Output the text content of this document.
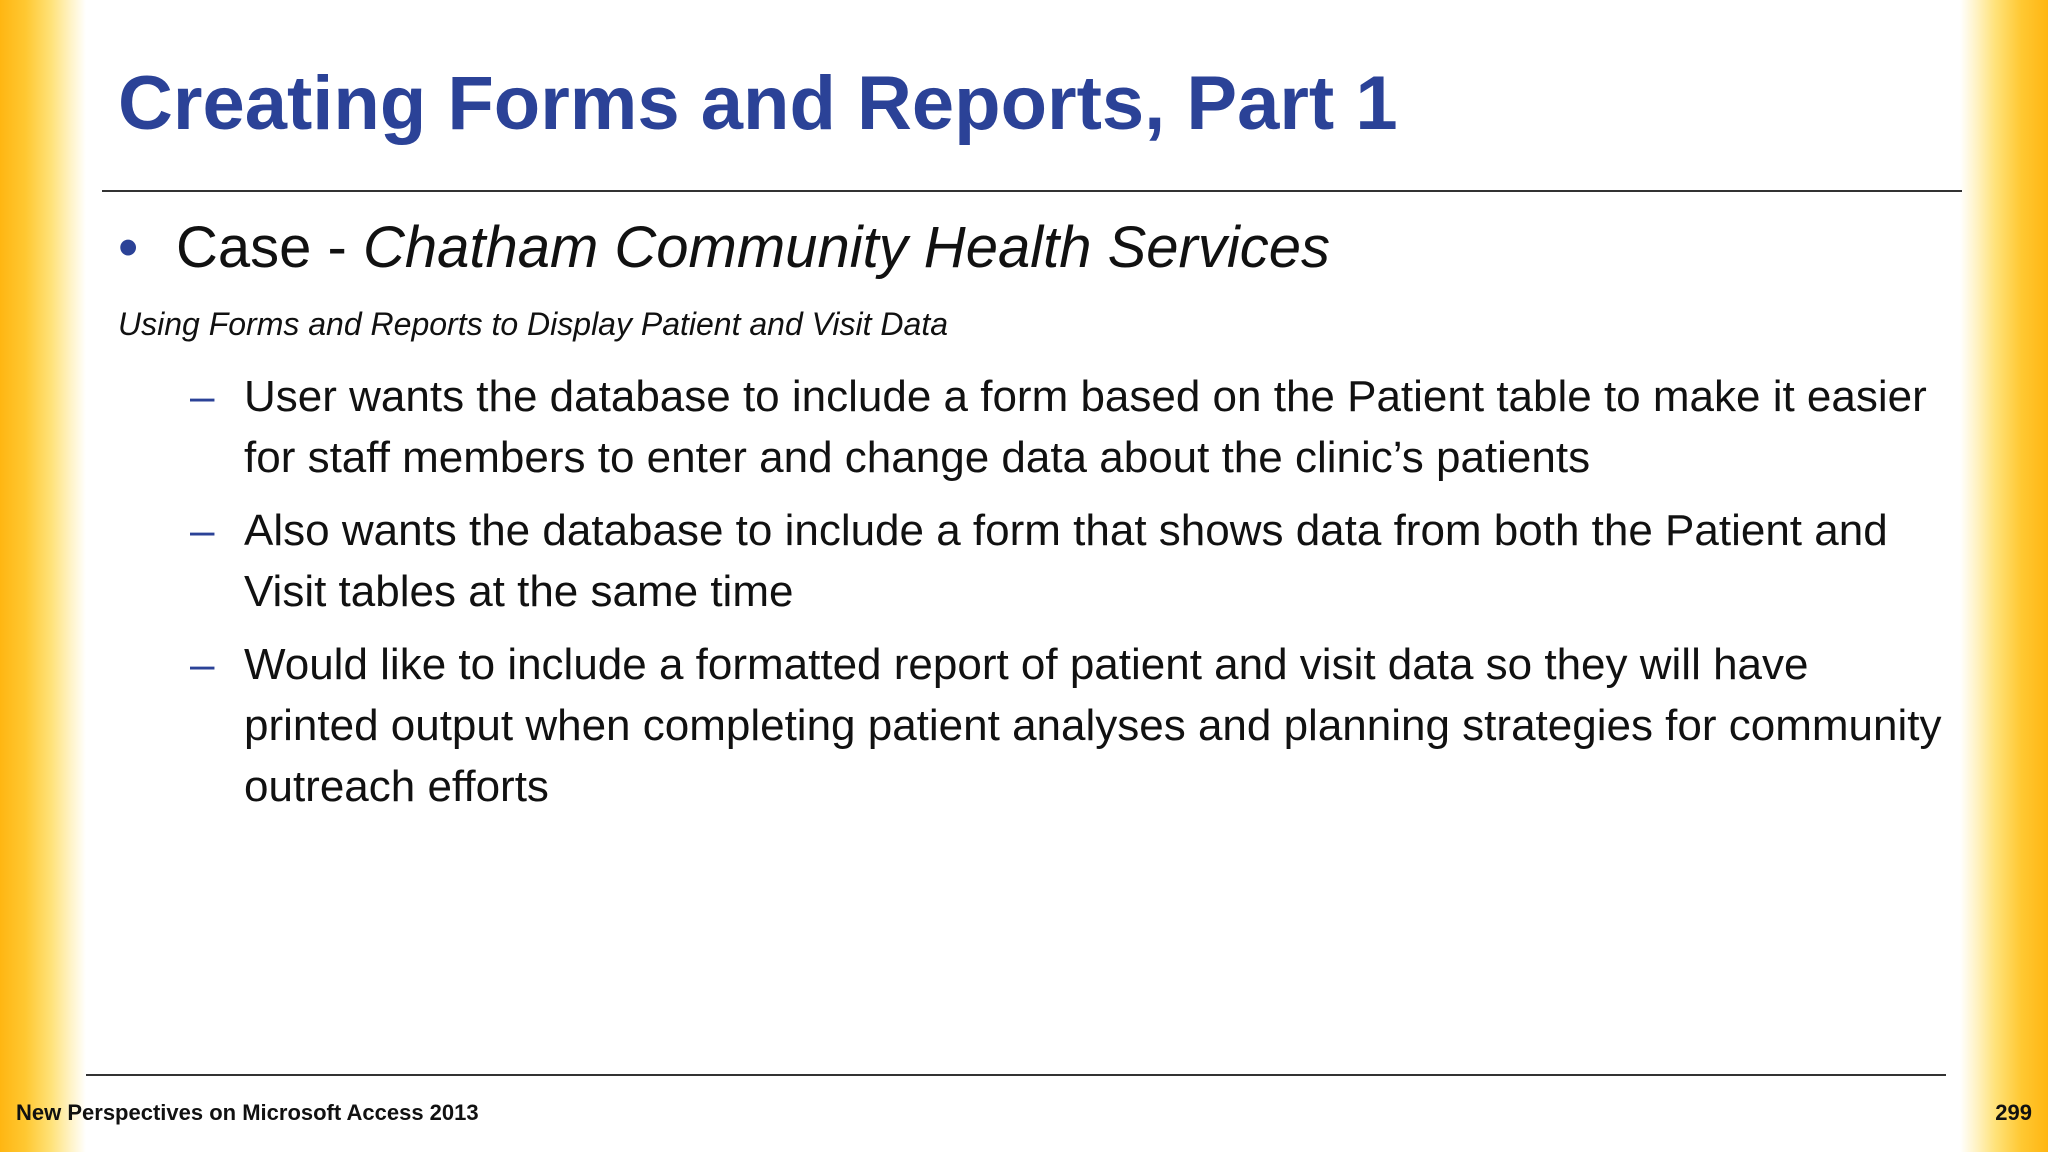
Creating Forms and Reports, Part 1
• Case - Chatham Community Health Services
Using Forms and Reports to Display Patient and Visit Data
– User wants the database to include a form based on the Patient table to make it easier for staff members to enter and change data about the clinic’s patients
– Also wants the database to include a form that shows data from both the Patient and Visit tables at the same time
– Would like to include a formatted report of patient and visit data so they will have printed output when completing patient analyses and planning strategies for community outreach efforts
New Perspectives on Microsoft Access 2013	299
